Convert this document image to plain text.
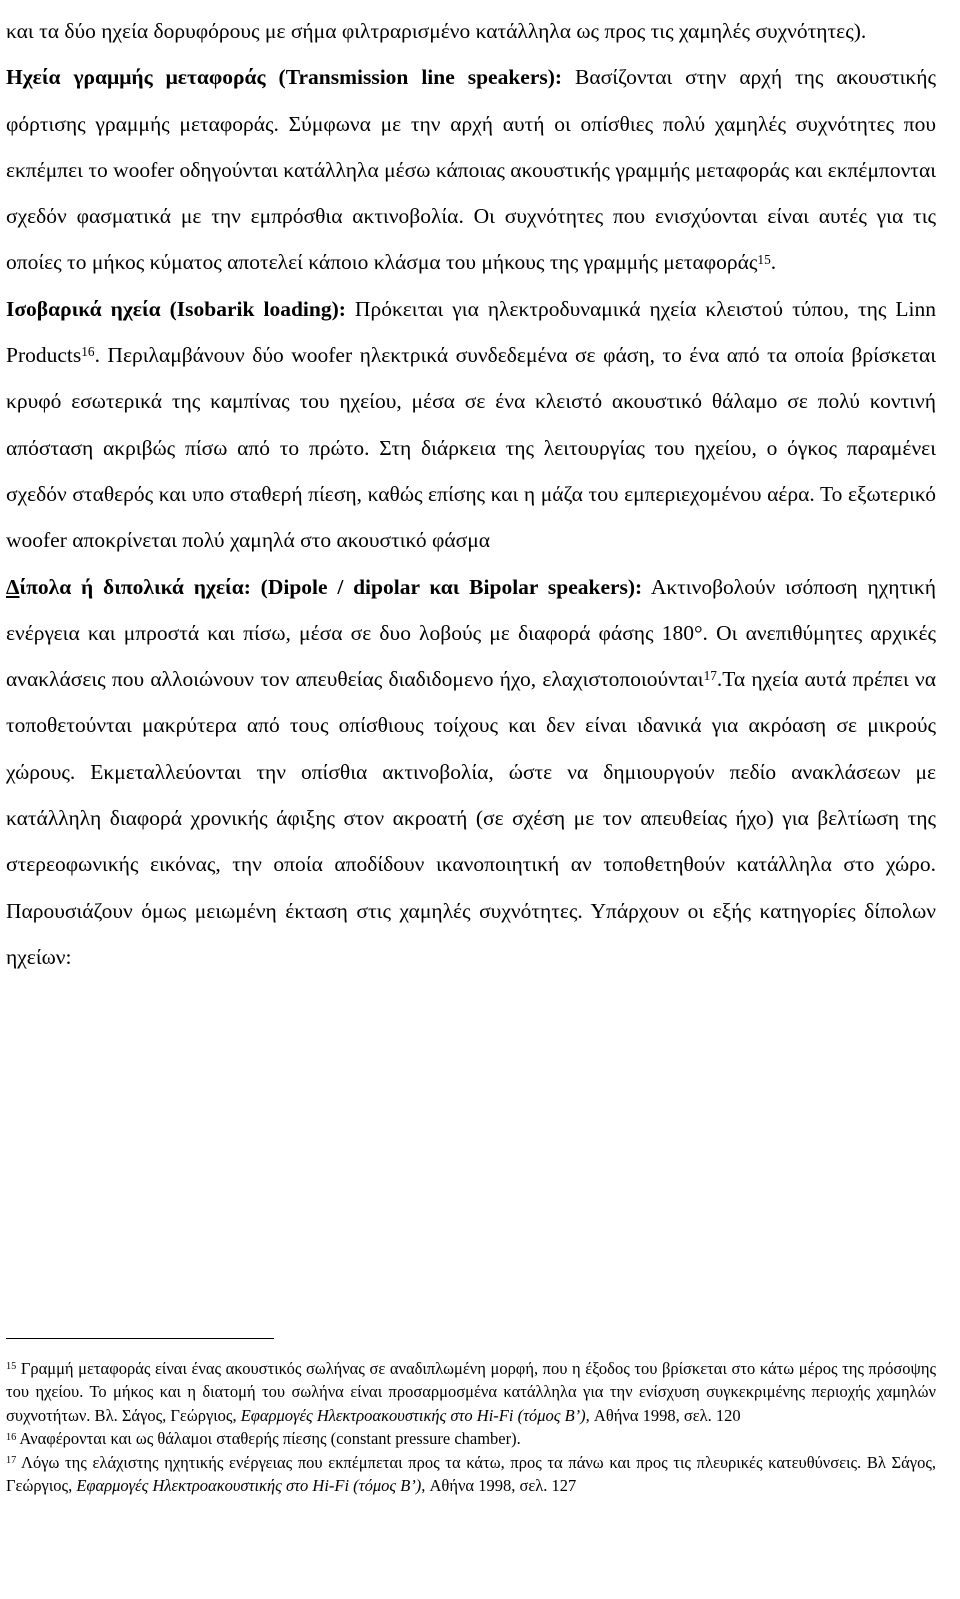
και τα δύο ηχεία δορυφόρους με σήμα φιλτραρισμένο κατάλληλα ως προς τις χαμηλές συχνότητες).

Ηχεία γραμμής μεταφοράς (Transmission line speakers): Βασίζονται στην αρχή της ακουστικής φόρτισης γραμμής μεταφοράς. Σύμφωνα με την αρχή αυτή οι οπίσθιες πολύ χαμηλές συχνότητες που εκπέμπει το woofer οδηγούνται κατάλληλα μέσω κάποιας ακουστικής γραμμής μεταφοράς και εκπέμπονται σχεδόν φασματικά με την εμπρόσθια ακτινοβολία. Οι συχνότητες που ενισχύονται είναι αυτές για τις οποίες το μήκος κύματος αποτελεί κάποιο κλάσμα του μήκους της γραμμής μεταφοράς$^{15}$.

Ισοβαρικά ηχεία (Isobarik loading): Πρόκειται για ηλεκτροδυναμικά ηχεία κλειστού τύπου, της Linn Products$^{16}$. Περιλαμβάνουν δύο woofer ηλεκτρικά συνδεδεμένα σε φάση, το ένα από τα οποία βρίσκεται κρυφό εσωτερικά της καμπίνας του ηχείου, μέσα σε ένα κλειστό ακουστικό θάλαμο σε πολύ κοντινή απόσταση ακριβώς πίσω από το πρώτο. Στη διάρκεια της λειτουργίας του ηχείου, ο όγκος παραμένει σχεδόν σταθερός και υπο σταθερή πίεση, καθώς επίσης και η μάζα του εμπεριεχομένου αέρα. Το εξωτερικό woofer αποκρίνεται πολύ χαμηλά στο ακουστικό φάσμα

Δίπολα ή διπολικά ηχεία: (Dipole / dipolar και Bipolar speakers): Ακτινοβολούν ισόποση ηχητική ενέργεια και μπροστά και πίσω, μέσα σε δυο λοβούς με διαφορά φάσης 180°. Οι ανεπιθύμητες αρχικές ανακλάσεις που αλλοιώνουν τον απευθείας διαδιδομενο ήχο, ελαχιστοποιούνται$^{17}$.Τα ηχεία αυτά πρέπει να τοποθετούνται μακρύτερα από τους οπίσθιους τοίχους και δεν είναι ιδανικά για ακρόαση σε μικρούς χώρους. Εκμεταλλεύονται την οπίσθια ακτινοβολία, ώστε να δημιουργούν πεδίο ανακλάσεων με κατάλληλη διαφορά χρονικής άφιξης στον ακροατή (σε σχέση με τον απευθείας ήχο) για βελτίωση της στερεοφωνικής εικόνας, την οποία αποδίδουν ικανοποιητική αν τοποθετηθούν κατάλληλα στο χώρο. Παρουσιάζουν όμως μειωμένη έκταση στις χαμηλές συχνότητες. Υπάρχουν οι εξής κατηγορίες δίπολων ηχείων:

$^{15}$ Γραμμή μεταφοράς είναι ένας ακουστικός σωλήνας σε αναδιπλωμένη μορφή, που η έξοδος του βρίσκεται στο κάτω μέρος της πρόσοψης του ηχείου. Το μήκος και η διατομή του σωλήνα είναι προσαρμοσμένα κατάλληλα για την ενίσχυση συγκεκριμένης περιοχής χαμηλών συχνοτήτων. Βλ. Σάγος, Γεώργιος, Εφαρμογές Ηλεκτροακουστικής στο Hi-Fi (τόμος Β’), Αθήνα 1998, σελ. 120

$^{16}$ Αναφέρονται και ως θάλαμοι σταθερής πίεσης (constant pressure chamber).

$^{17}$ Λόγω της ελάχιστης ηχητικής ενέργειας που εκπέμπεται προς τα κάτω, προς τα πάνω και προς τις πλευρικές κατευθύνσεις. Βλ Σάγος, Γεώργιος, Εφαρμογές Ηλεκτροακουστικής στο Hi-Fi (τόμος Β’), Αθήνα 1998, σελ. 127
